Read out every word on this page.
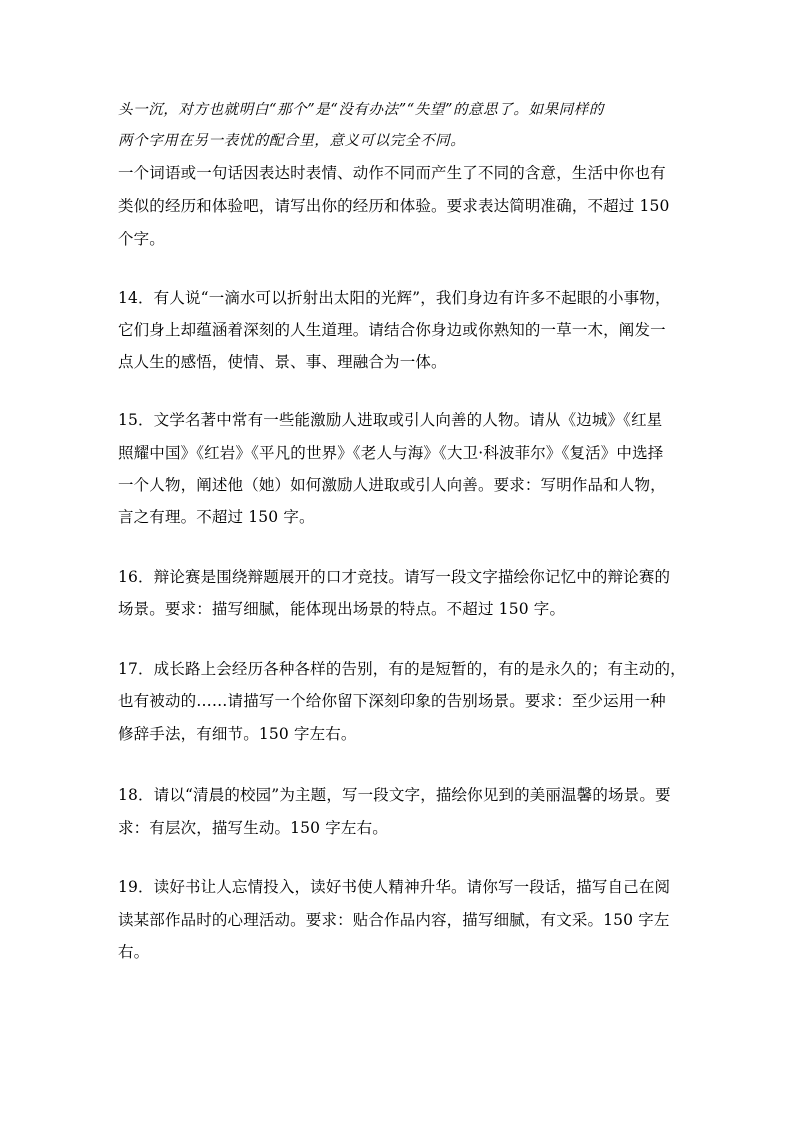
头一沉，对方也就明白“那个”是“没有办法”“失望”的意思了。如果同样的
两个字用在另一表忧的配合里，意义可以完全不同。
一个词语或一句话因表达时表情、动作不同而产生了不同的含意，生活中你也有
类似的经历和体验吧，请写出你的经历和体验。要求表达简明准确，不超过 150
个字。
14．有人说“一滴水可以折射出太阳的光辉”，我们身边有许多不起眼的小事物，
它们身上却蕴涵着深刻的人生道理。请结合你身边或你熟知的一草一木，阐发一
点人生的感悟，使情、景、事、理融合为一体。
15．文学名著中常有一些能激励人进取或引人向善的人物。请从《边城》《红星
照耀中国》《红岩》《平凡的世界》《老人与海》《大卫·科波菲尔》《复活》中选择
一个人物，阐述他（她）如何激励人进取或引人向善。要求：写明作品和人物，
言之有理。不超过 150 字。
16．辩论赛是围绕辩题展开的口才竞技。请写一段文字描绘你记忆中的辩论赛的
场景。要求：描写细腻，能体现出场景的特点。不超过 150 字。
17．成长路上会经历各种各样的告别，有的是短暂的，有的是永久的；有主动的，
也有被动的……请描写一个给你留下深刻印象的告别场景。要求：至少运用一种
修辞手法，有细节。150 字左右。
18．请以“清晨的校园”为主题，写一段文字，描绘你见到的美丽温馨的场景。要
求：有层次，描写生动。150 字左右。
19．读好书让人忘情投入，读好书使人精神升华。请你写一段话，描写自己在阅
读某部作品时的心理活动。要求：贴合作品内容，描写细腻，有文采。150 字左
右。
